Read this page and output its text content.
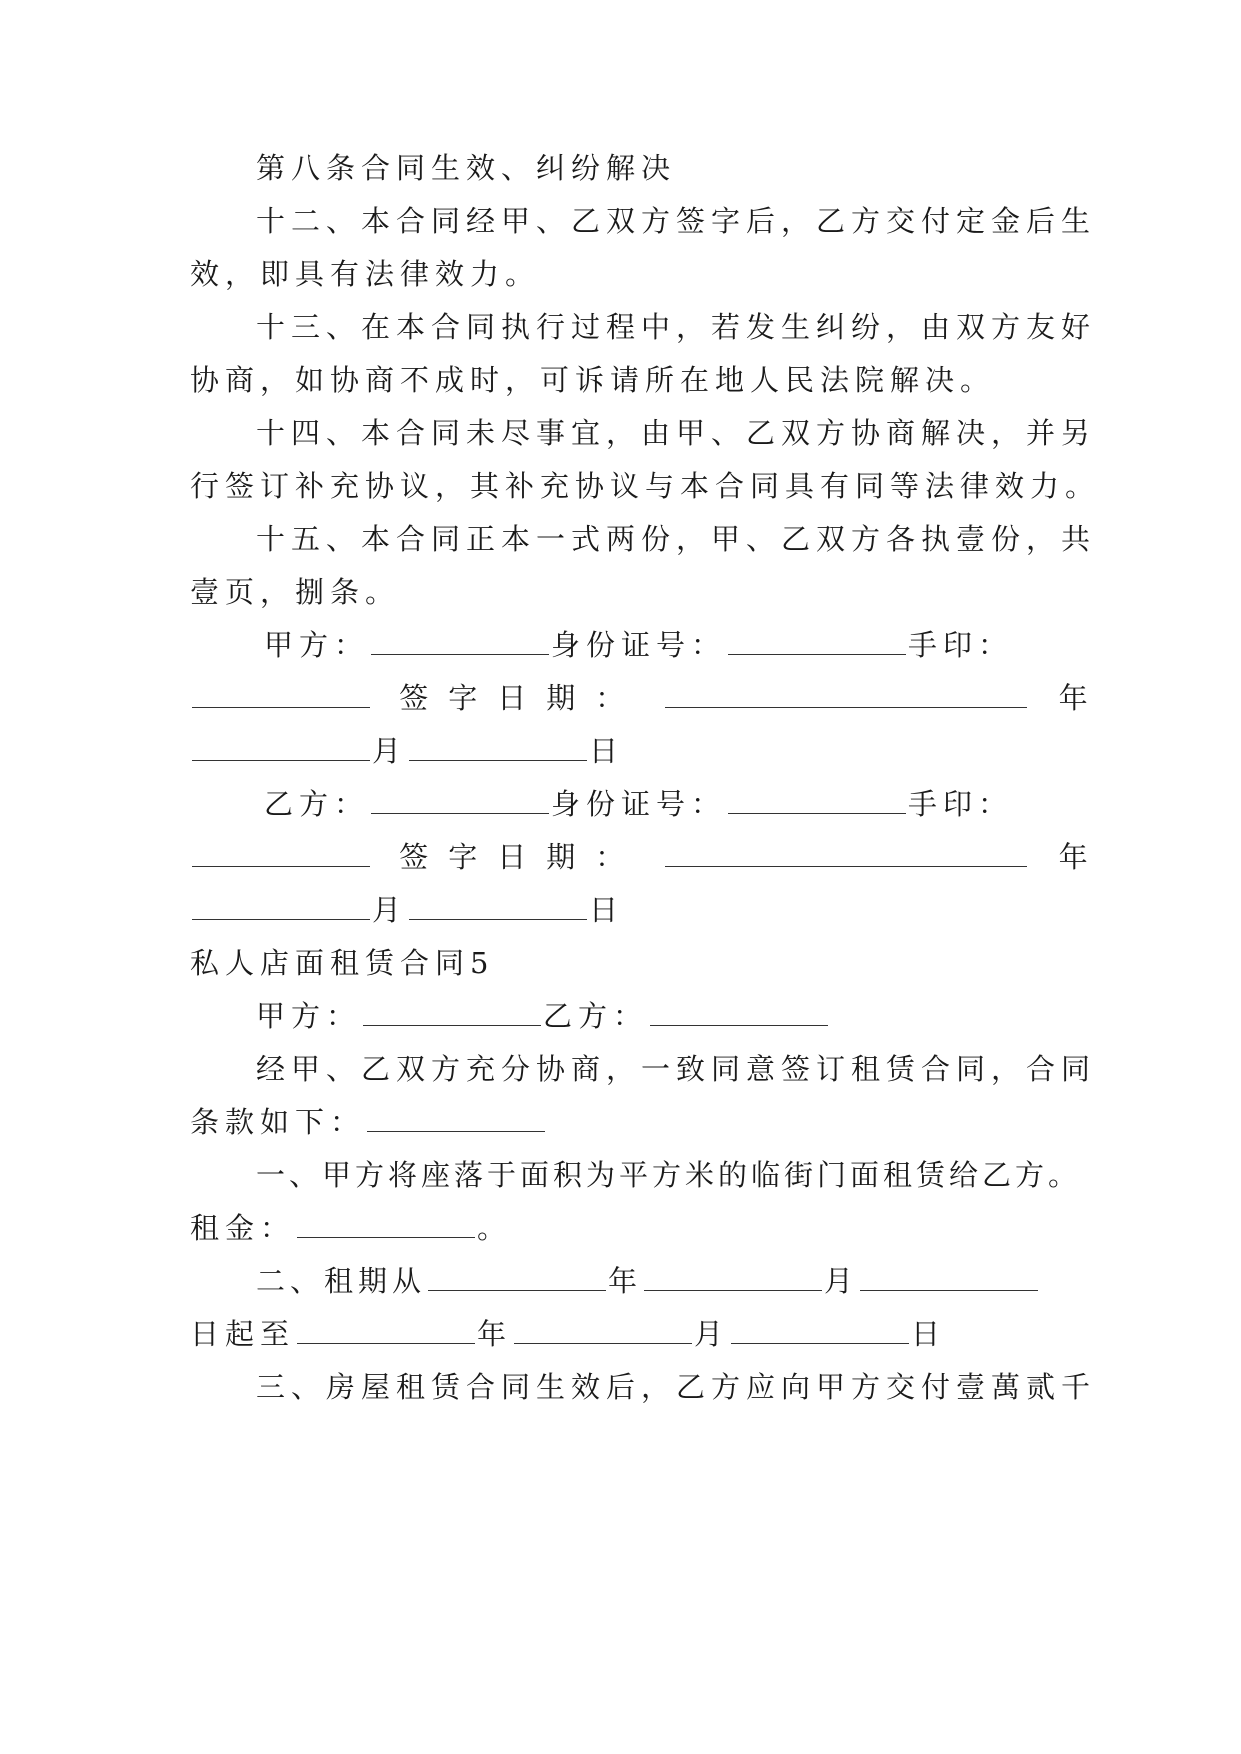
第八条合同生效、纠纷解决
十二、本合同经甲、乙双方签字后，乙方交付定金后生
效，即具有法律效力。
十三、在本合同执行过程中，若发生纠纷，由双方友好
协商，如协商不成时，可诉请所在地人民法院解决。
十四、本合同未尽事宜，由甲、乙双方协商解决，并另
行签订补充协议，其补充协议与本合同具有同等法律效力。
十五、本合同正本一式两份，甲、乙双方各执壹份，共
壹页，捌条。
甲方：	身份证号：	手印：
签字日期：	年
月	日
乙方：	身份证号：	手印：
签字日期：	年
月	日
私人店面租赁合同5
甲方：	乙方：
经甲、乙双方充分协商，一致同意签订租赁合同，合同
条款如下：
一、甲方将座落于面积为平方米的临街门面租赁给乙方。
租金：	。
二、租期从	年	月
日起至	年	月	日
三、房屋租赁合同生效后，乙方应向甲方交付壹萬贰千
